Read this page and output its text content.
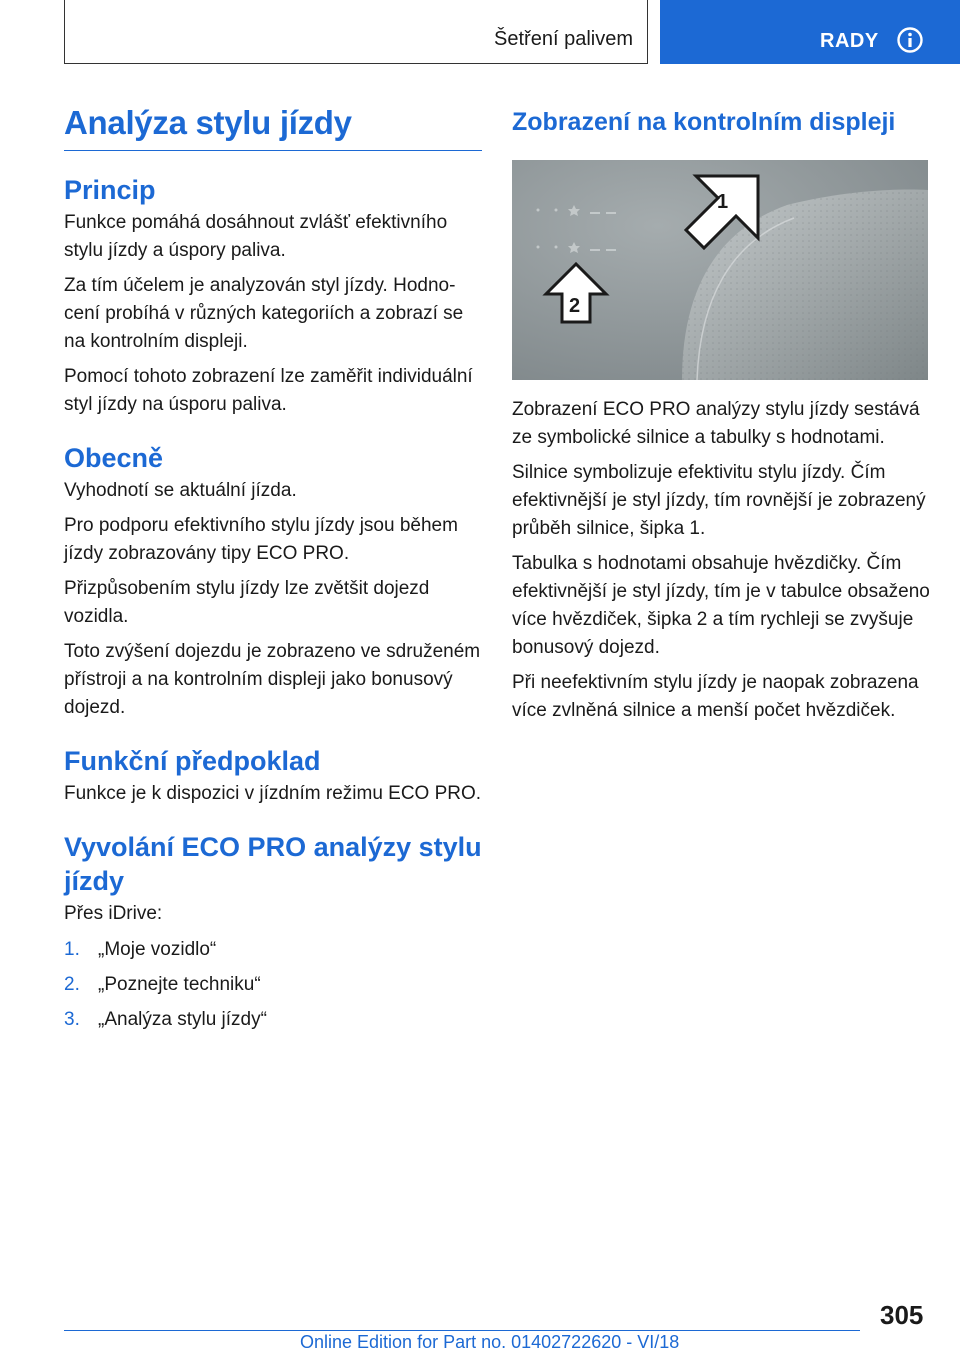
Šetření palivem	RADY
Analýza stylu jízdy
Princip

Funkce pomáhá dosáhnout zvlášť efektivního stylu jízdy a úspory paliva.

Za tím účelem je analyzován styl jízdy. Hodnocení probíhá v různých kategoriích a zobrazí se na kontrolním displeji.

Pomocí tohoto zobrazení lze zaměřit individuální styl jízdy na úsporu paliva.

Obecně

Vyhodnotí se aktuální jízda.

Pro podporu efektivního stylu jízdy jsou během jízdy zobrazovány tipy ECO PRO.

Přizpůsobením stylu jízdy lze zvětšit dojezd vozidla.

Toto zvýšení dojezdu je zobrazeno ve sdruženém přístroji a na kontrolním displeji jako bonusový dojezd.

Funkční předpoklad

Funkce je k dispozici v jízdním režimu ECO PRO.

Vyvolání ECO PRO analýzy stylu jízdy

Přes iDrive:

1. „Moje vozidlo“
2. „Poznejte techniku“
3. „Analýza stylu jízdy“
Zobrazení na kontrolním displeji
1
2

Zobrazení ECO PRO analýzy stylu jízdy sestává ze symbolické silnice a tabulky s hodnotami.

Silnice symbolizuje efektivitu stylu jízdy. Čím efektivnější je styl jízdy, tím rovnější je zobrazený průběh silnice, šipka 1.

Tabulka s hodnotami obsahuje hvězdičky. Čím efektivnější je styl jízdy, tím je v tabulce obsaženo více hvězdiček, šipka 2 a tím rychleji se zvyšuje bonusový dojezd.

Při neefektivním stylu jízdy je naopak zobrazena více zvlněná silnice a menší počet hvězdiček.

305
Online Edition for Part no. 01402722620 - VI/18
